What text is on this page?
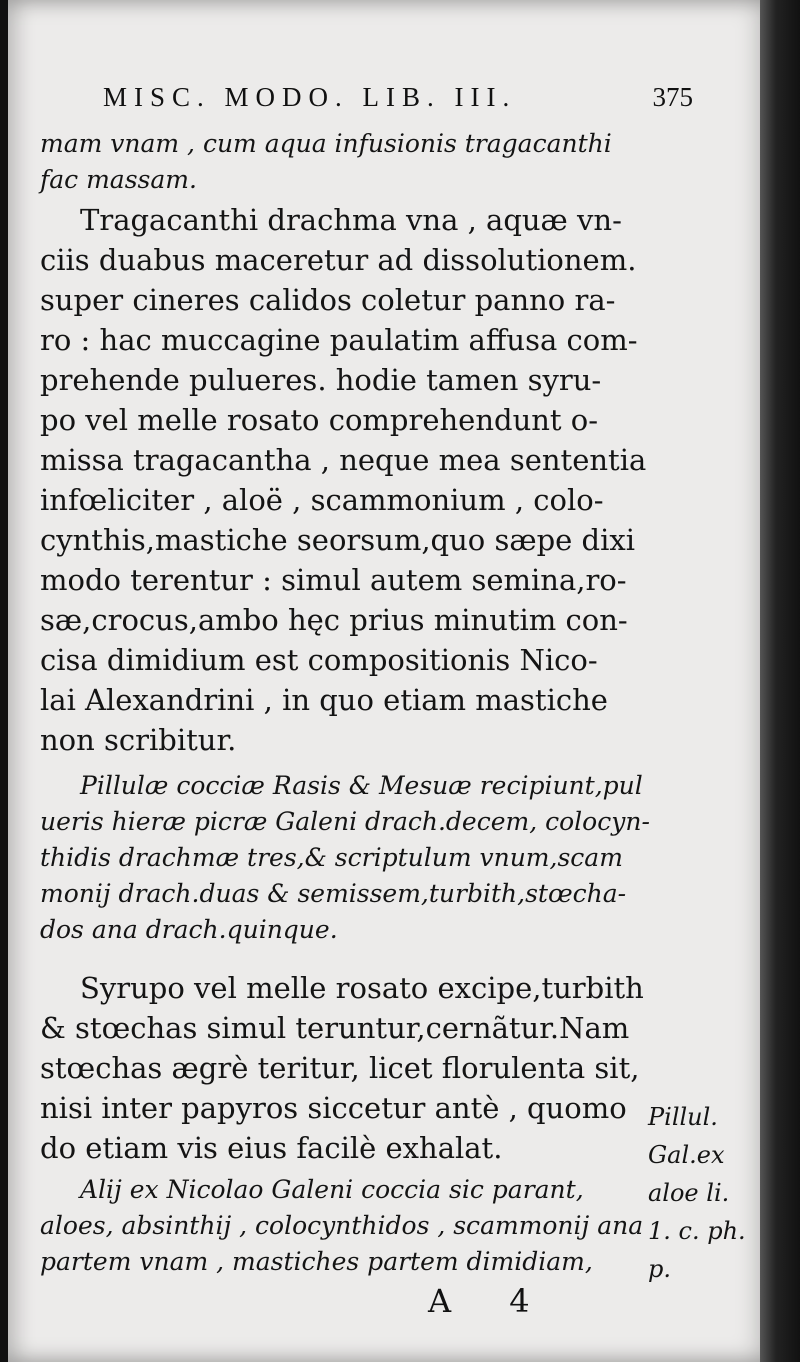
MISC. MODO. LIB. III.	375
mam vnam , cum aqua infusionis tragacanthi
fac massam.
Tragacanthi drachma vna , aquæ vn-
ciis duabus maceretur ad dissolutionem.
super cineres calidos coletur panno ra-
ro : hac muccagine paulatim affusa com-
prehende pulueres. hodie tamen syru-
po vel melle rosato comprehendunt o-
missa tragacantha , neque mea sententia
infœliciter , aloë , scammonium , colo-
cynthis,mastiche seorsum,quo sæpe dixi
modo terentur : simul autem semina,ro-
sæ,crocus,ambo hęc prius minutim con-
cisa dimidium est compositionis Nico-
lai Alexandrini , in quo etiam mastiche
non scribitur.
Pillulæ cocciæ Rasis & Mesuæ recipiunt,pul
ueris hieræ picræ Galeni drach.decem, colocyn-
thidis drachmæ tres,& scriptulum vnum,scam
monij drach.duas & semissem,turbith,stœcha-
dos ana drach.quinque.
Syrupo vel melle rosato excipe,turbith
& stœchas simul teruntur,cernãtur.Nam
stœchas ægrè teritur, licet florulenta sit,
nisi inter papyros siccetur antè , quomo
do etiam vis eius facilè exhalat.
Alij ex Nicolao Galeni coccia sic parant,
aloes, absinthij , colocynthidos , scammonij ana
partem vnam , mastiches partem dimidiam,
Pillul.
Gal.ex
aloe li.
1. c. ph.
p.
A 4
